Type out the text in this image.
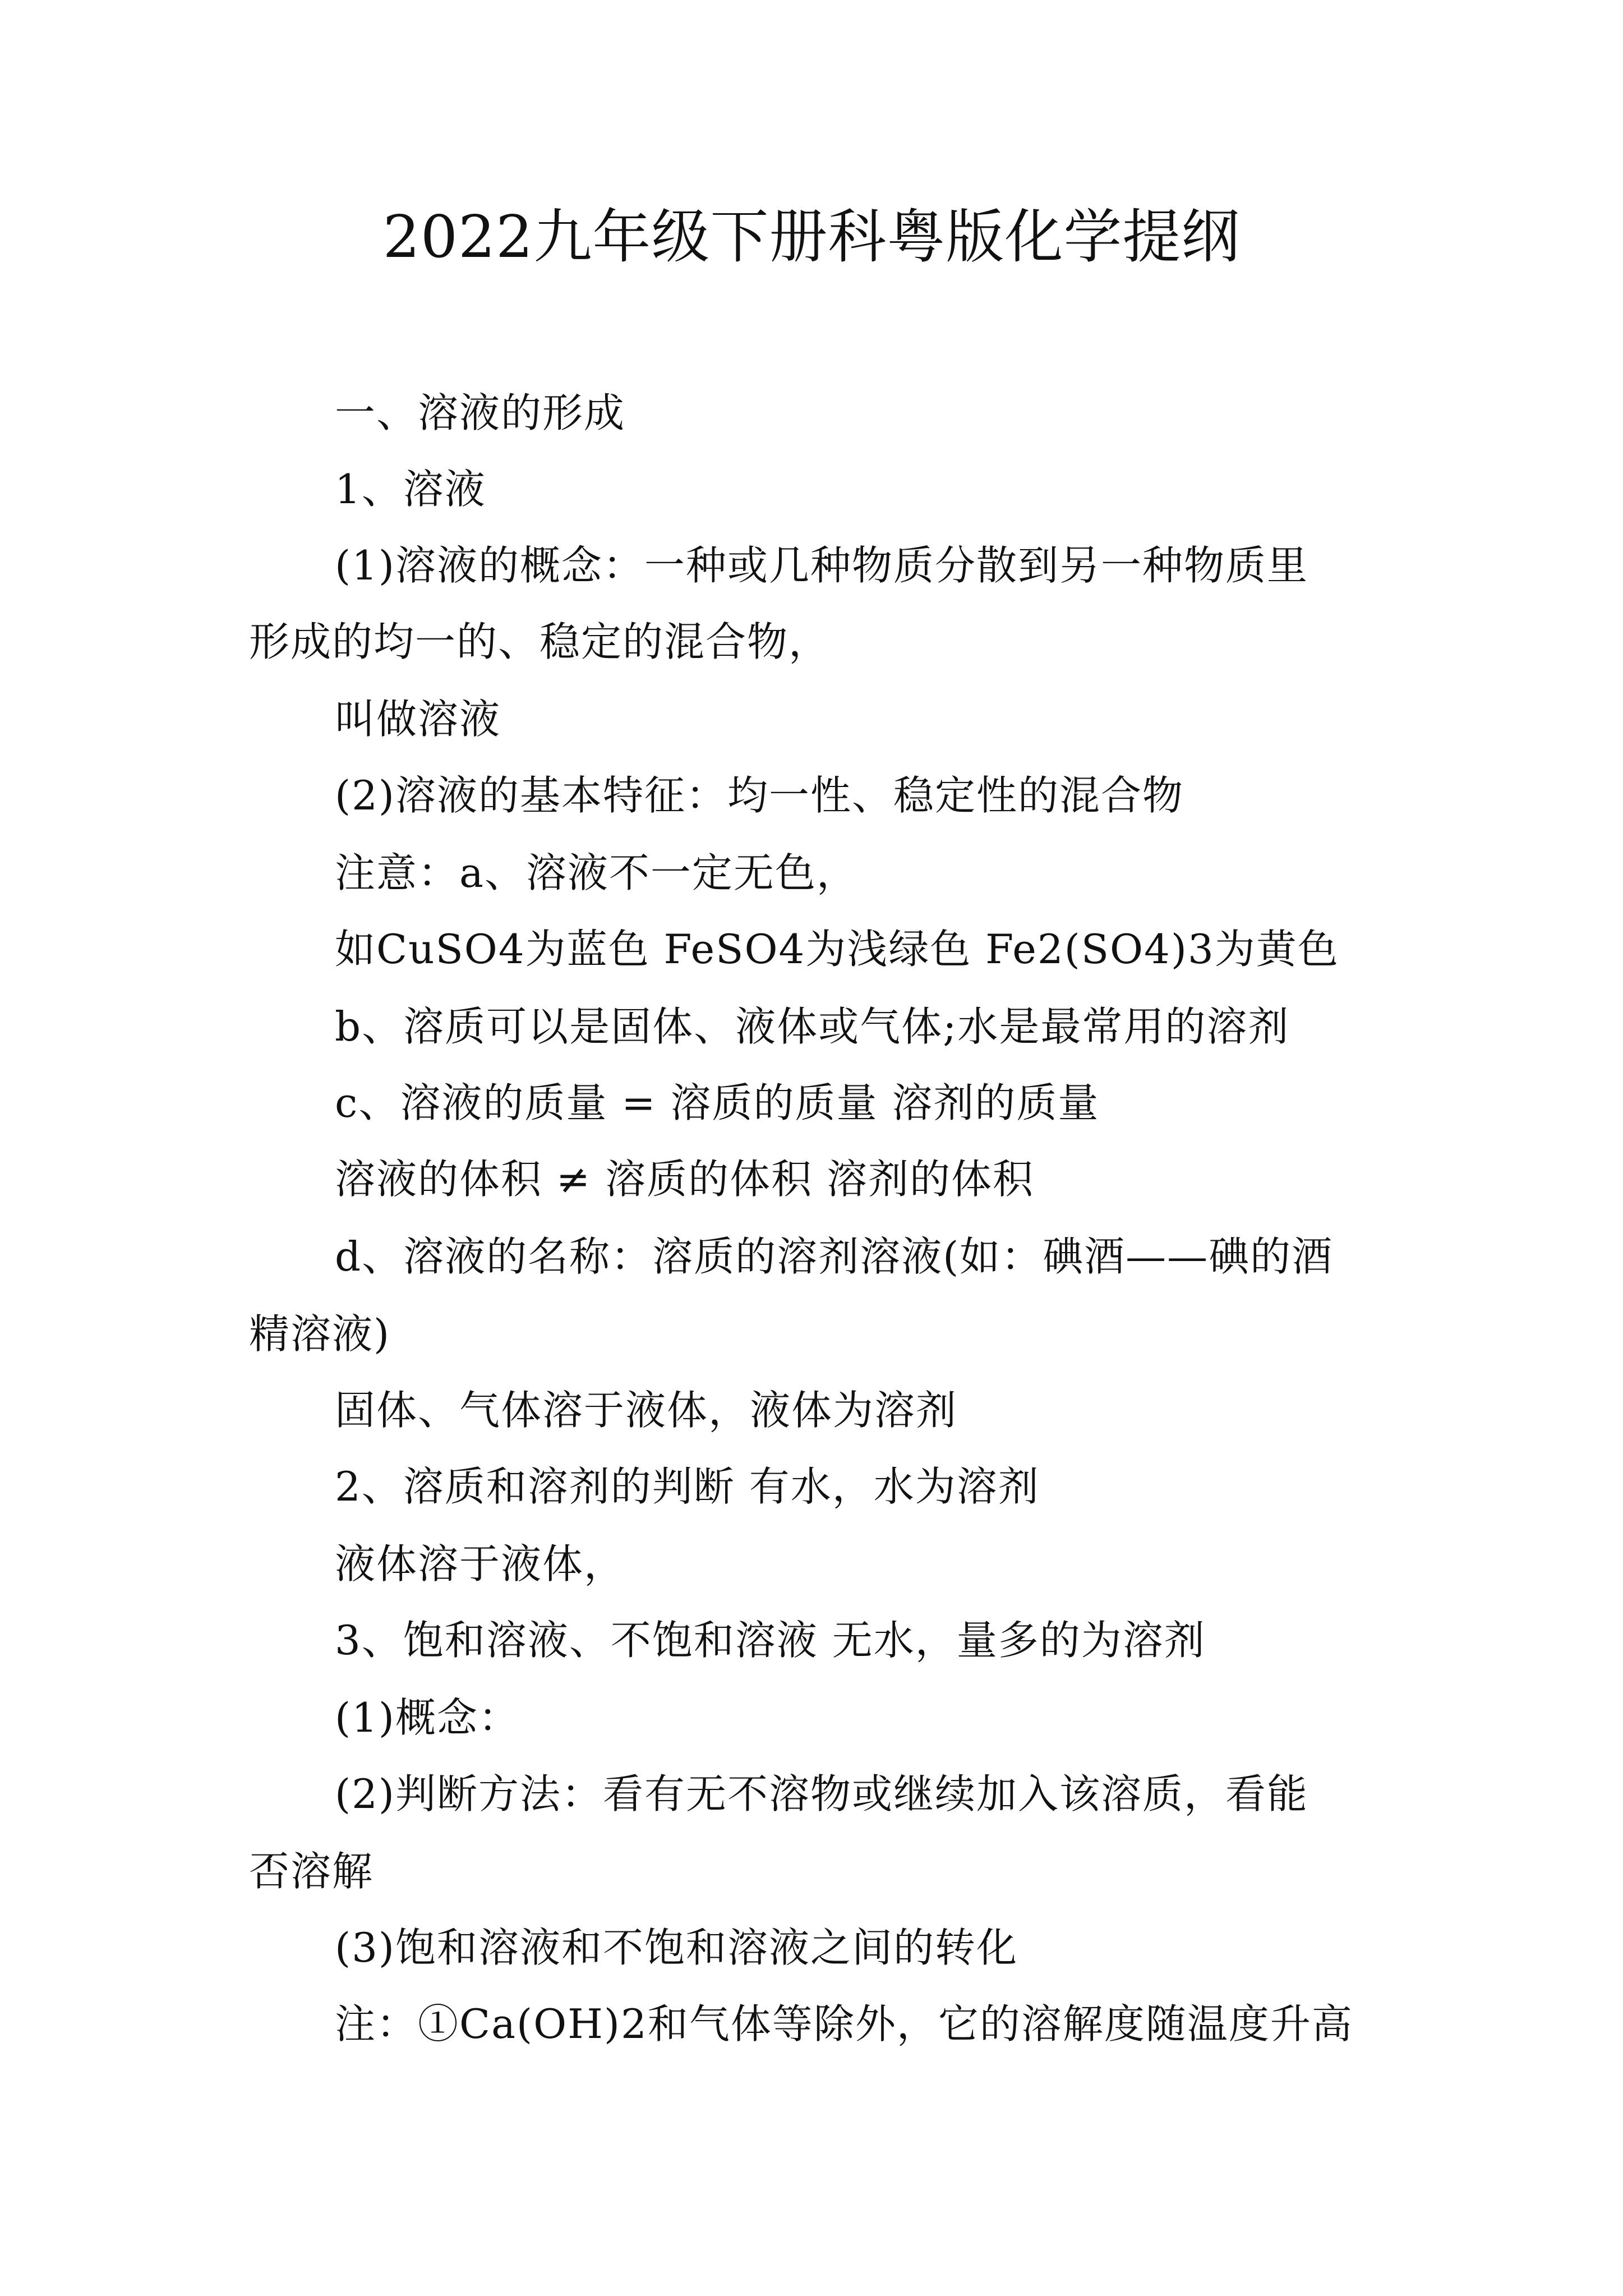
2022九年级下册科粤版化学提纲
一、溶液的形成
1、溶液
(1)溶液的概念：一种或几种物质分散到另一种物质里
形成的均一的、稳定的混合物，
叫做溶液
(2)溶液的基本特征：均一性、稳定性的混合物
注意：a、溶液不一定无色，
如CuSO4为蓝色 FeSO4为浅绿色 Fe2(SO4)3为黄色
b、溶质可以是固体、液体或气体;水是最常用的溶剂
c、溶液的质量 = 溶质的质量 溶剂的质量
溶液的体积 ≠ 溶质的体积 溶剂的体积
d、溶液的名称：溶质的溶剂溶液(如：碘酒——碘的酒
精溶液)
固体、气体溶于液体，液体为溶剂
2、溶质和溶剂的判断 有水，水为溶剂
液体溶于液体，
3、饱和溶液、不饱和溶液 无水，量多的为溶剂
(1)概念：
(2)判断方法：看有无不溶物或继续加入该溶质，看能
否溶解
(3)饱和溶液和不饱和溶液之间的转化
注：①Ca(OH)2和气体等除外，它的溶解度随温度升高
